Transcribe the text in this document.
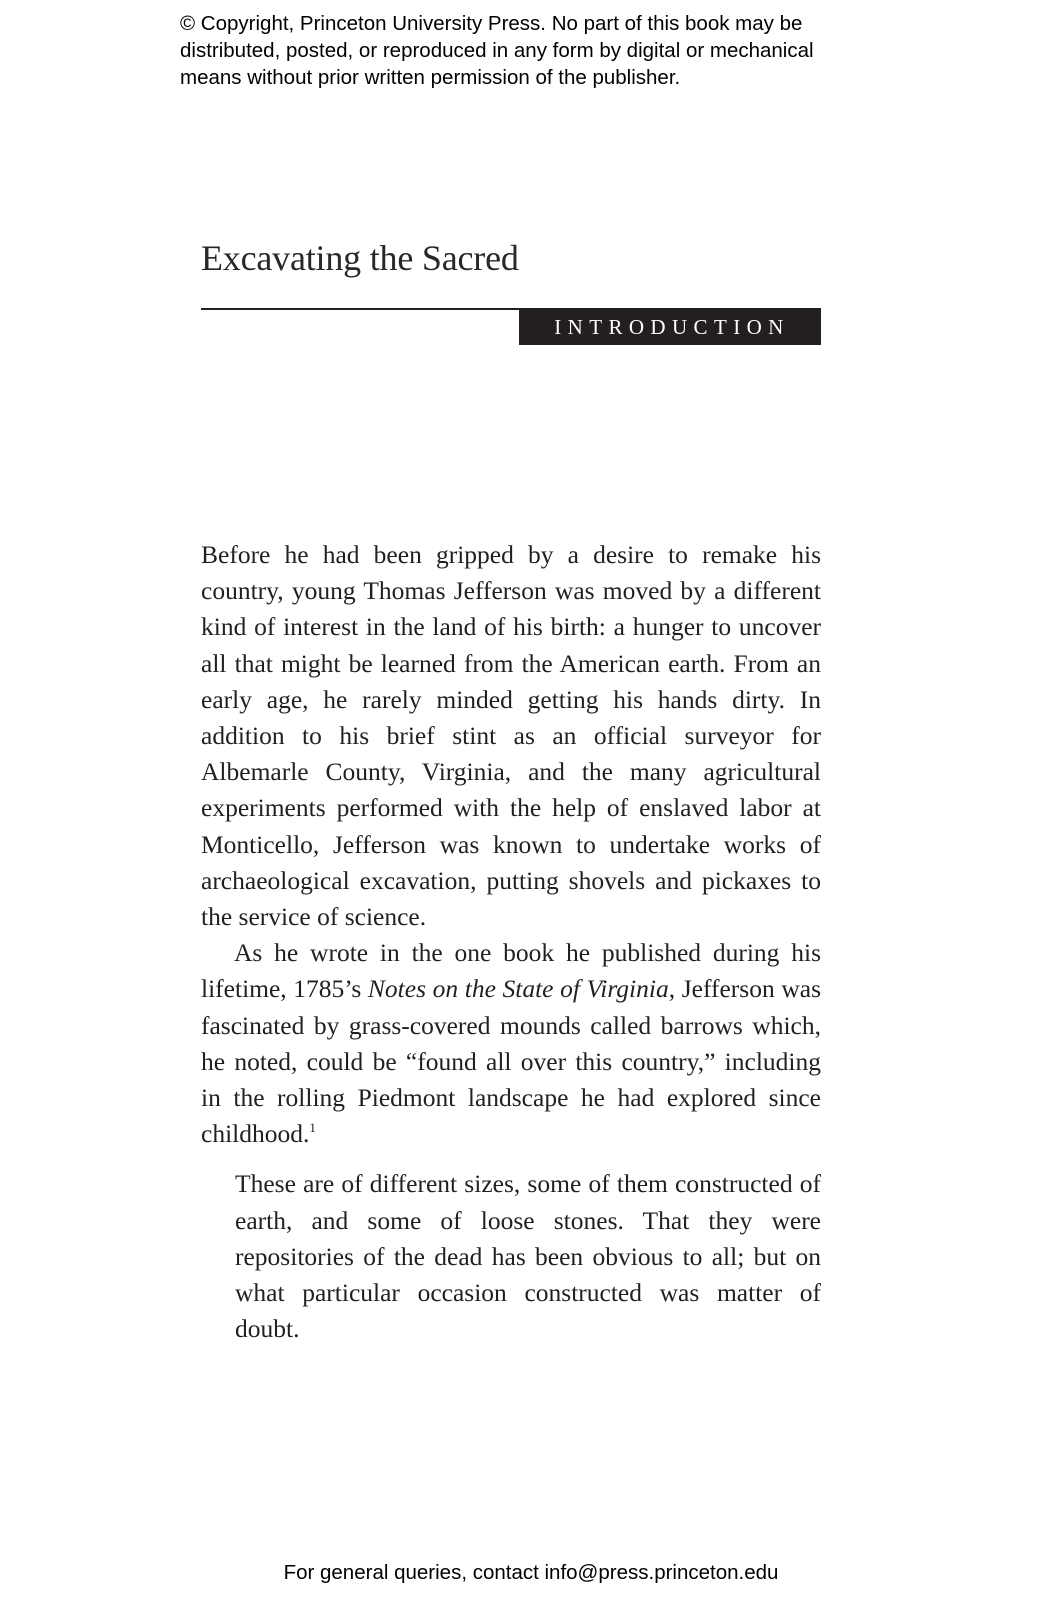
© Copyright, Princeton University Press. No part of this book may be
distributed, posted, or reproduced in any form by digital or mechanical
means without prior written permission of the publisher.
Excavating the Sacred
INTRODUCTION

Before he had been gripped by a desire to remake his country, young Thomas Jefferson was moved by a different kind of interest in the land of his birth: a hunger to uncover all that might be learned from the American earth. From an early age, he rarely minded getting his hands dirty. In addition to his brief stint as an official surveyor for Albemarle County, Virginia, and the many agricultural experiments performed with the help of enslaved labor at Monticello, Jefferson was known to undertake works of archaeological excavation, putting shovels and pickaxes to the service of science.

As he wrote in the one book he published during his lifetime, 1785’s Notes on the State of Virginia, Jefferson was fascinated by grass-covered mounds called barrows which, he noted, could be “found all over this country,” including in the rolling Piedmont landscape he had explored since childhood.$^1$

These are of different sizes, some of them constructed of earth, and some of loose stones. That they were repositories of the dead has been obvious to all; but on what particular occasion constructed was matter of doubt.

For general queries, contact info@press.princeton.edu
